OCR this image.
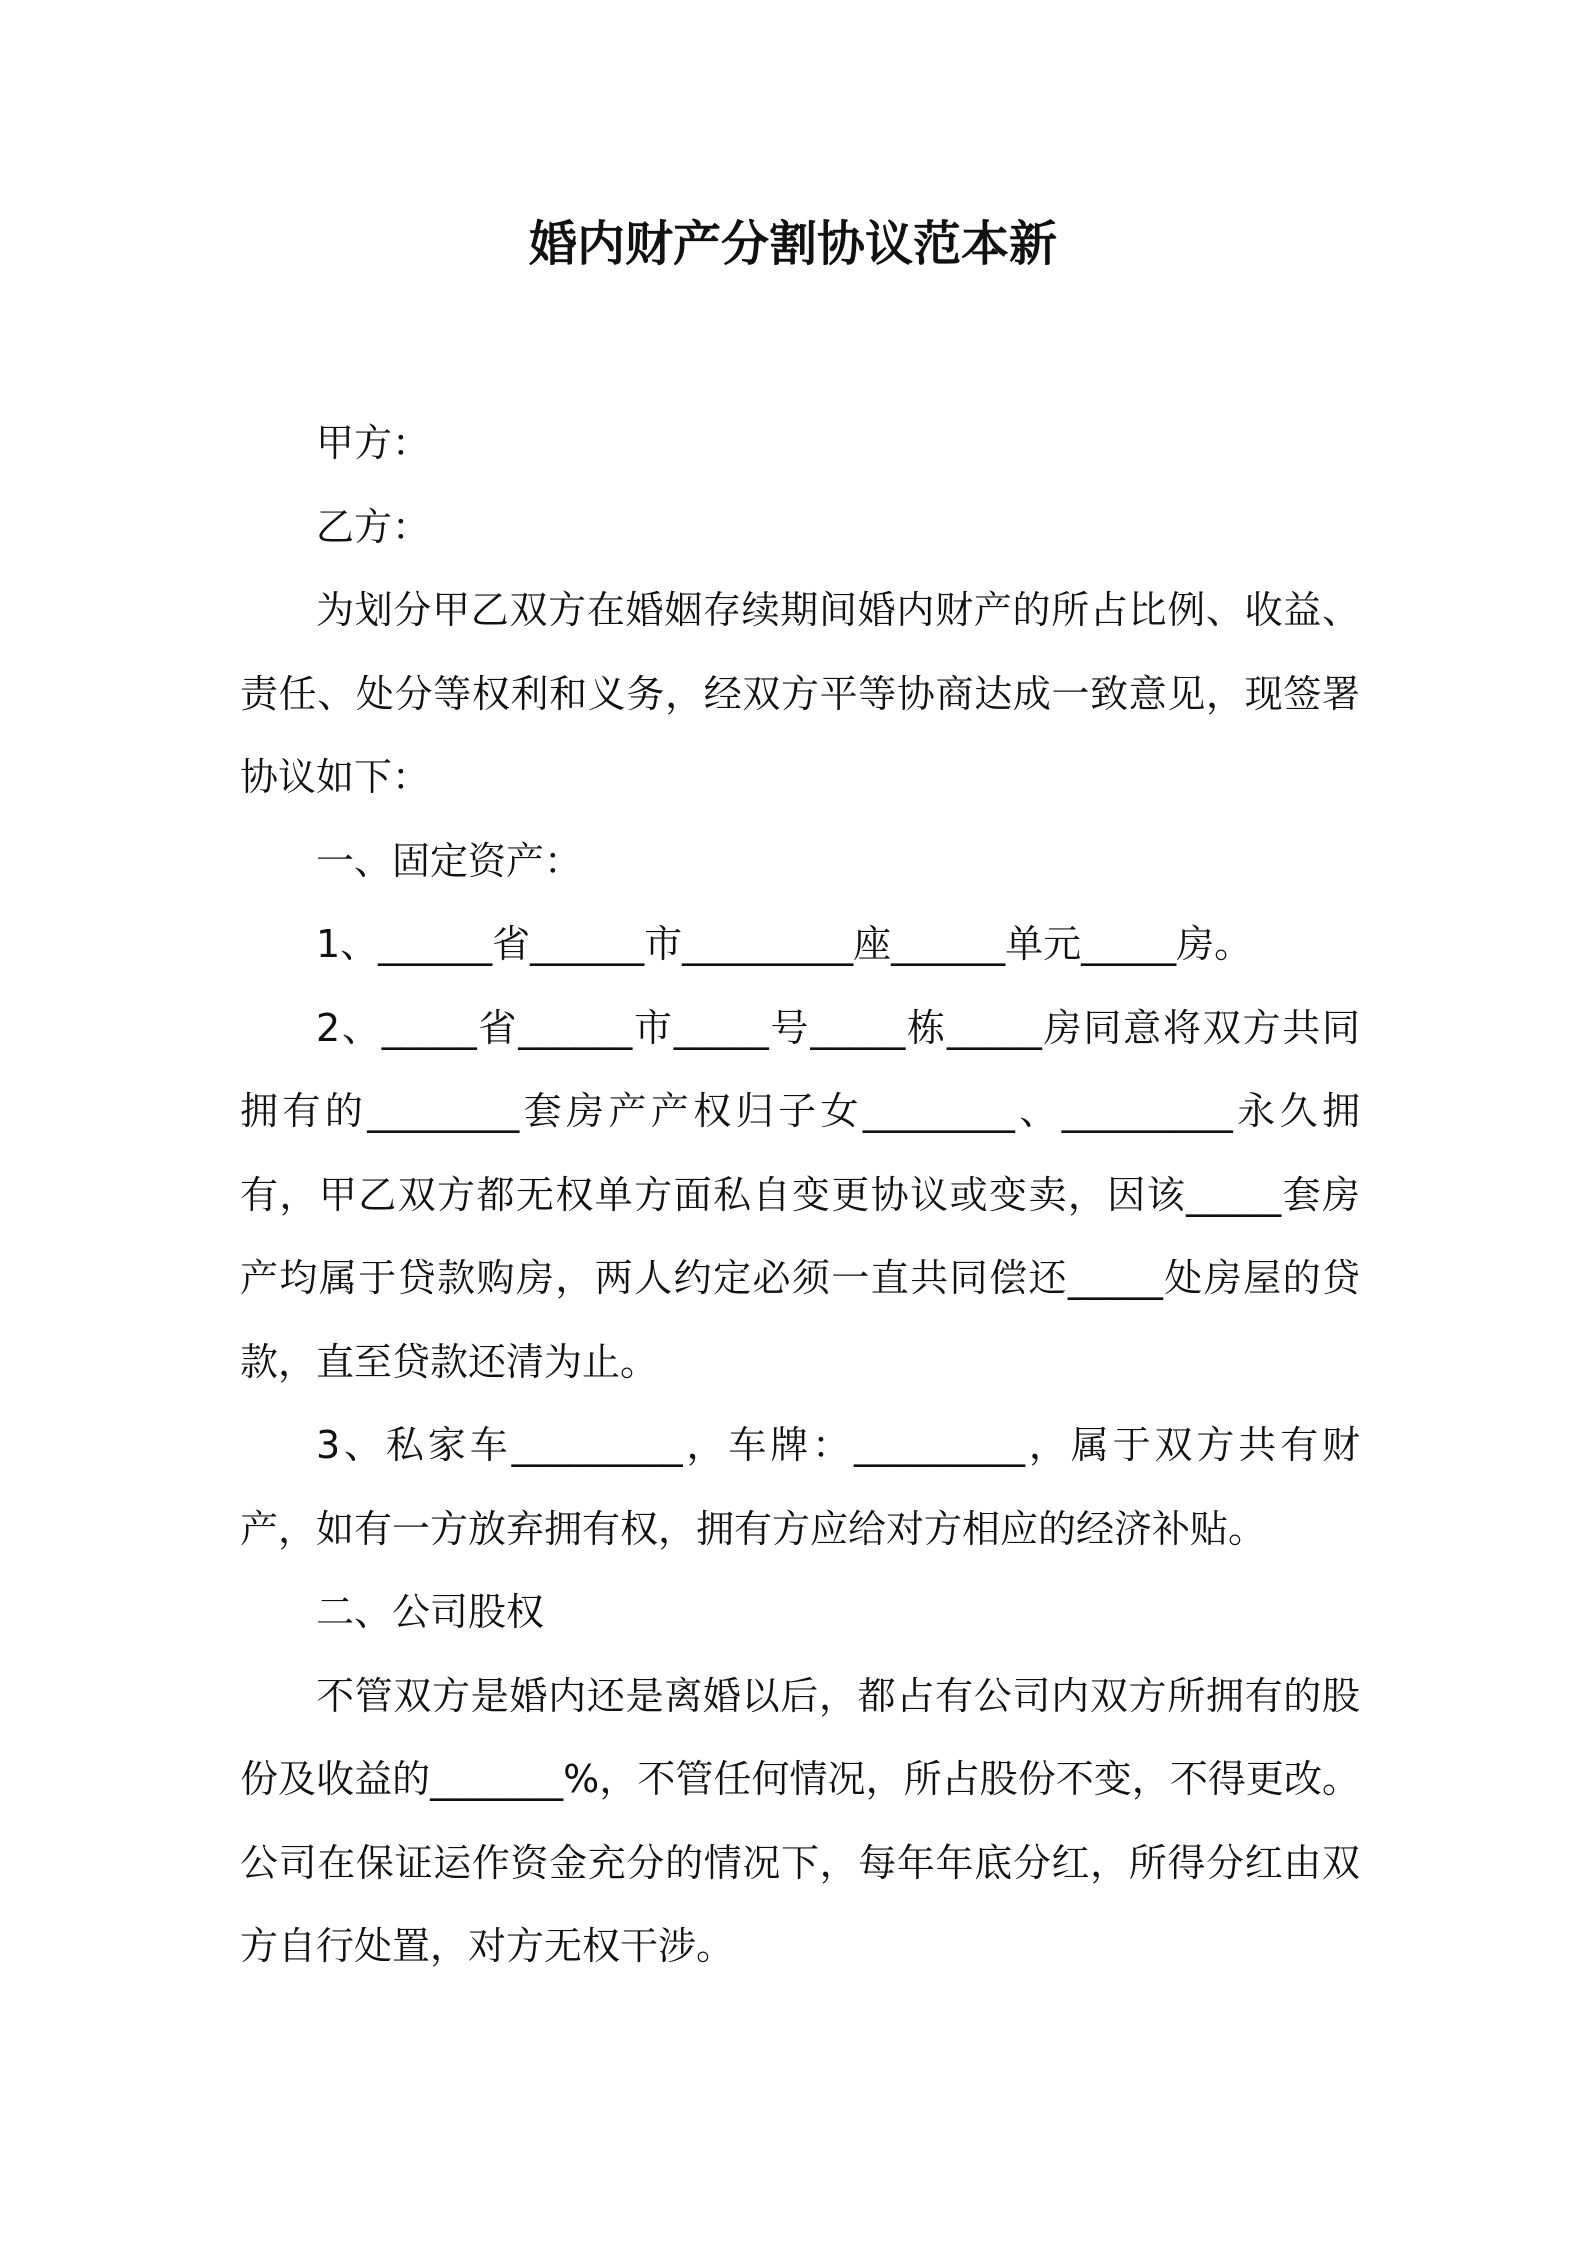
婚内财产分割协议范本新

甲方：

乙方：

为划分甲乙双方在婚姻存续期间婚内财产的所占比例、收益、责任、处分等权利和义务，经双方平等协商达成一致意见，现签署协议如下：

一、固定资产：

1、______省______市_________座______单元_____房。

2、_____省______市_____号_____栋_____房同意将双方共同拥有的________套房产产权归子女________、_________永久拥有，甲乙双方都无权单方面私自变更协议或变卖，因该_____套房产均属于贷款购房，两人约定必须一直共同偿还_____处房屋的贷款，直至贷款还清为止。

3、私家车_________，车牌：_________，属于双方共有财产，如有一方放弃拥有权，拥有方应给对方相应的经济补贴。

二、公司股权

不管双方是婚内还是离婚以后，都占有公司内双方所拥有的股份及收益的_______%，不管任何情况，所占股份不变，不得更改。公司在保证运作资金充分的情况下，每年年底分红，所得分红由双方自行处置，对方无权干涉。
